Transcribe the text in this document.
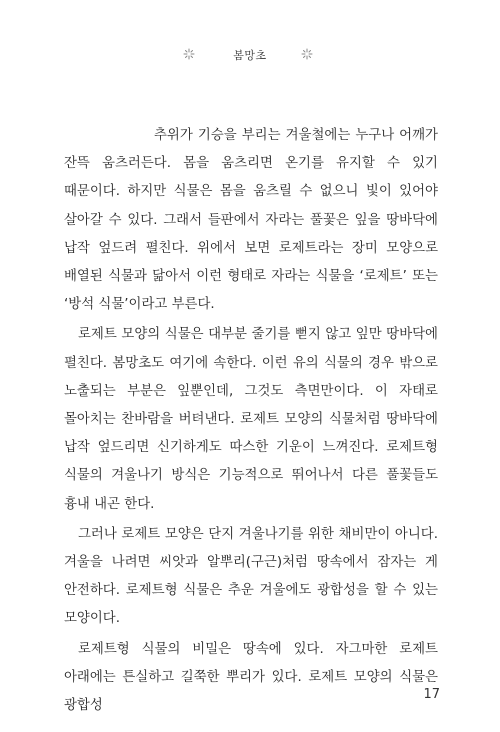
봄망초

추위가 기승을 부리는 겨울철에는 누구나 어깨가 잔뜩 움츠러든다. 몸을 움츠리면 온기를 유지할 수 있기 때문이다. 하지만 식물은 몸을 움츠릴 수 없으니 빛이 있어야 살아갈 수 있다. 그래서 들판에서 자라는 풀꽃은 잎을 땅바닥에 납작 엎드려 펼친다. 위에서 보면 로제트라는 장미 모양으로 배열된 식물과 닮아서 이런 형태로 자라는 식물을 ‘로제트’ 또는 ‘방석 식물’이라고 부른다.

로제트 모양의 식물은 대부분 줄기를 뻗지 않고 잎만 땅바닥에 펼친다. 봄망초도 여기에 속한다. 이런 유의 식물의 경우 밖으로 노출되는 부분은 잎뿐인데, 그것도 측면만이다. 이 자태로 몰아치는 찬바람을 버텨낸다. 로제트 모양의 식물처럼 땅바닥에 납작 엎드리면 신기하게도 따스한 기운이 느껴진다. 로제트형 식물의 겨울나기 방식은 기능적으로 뛰어나서 다른 풀꽃들도 흉내 내곤 한다.

그러나 로제트 모양은 단지 겨울나기를 위한 채비만이 아니다. 겨울을 나려면 씨앗과 알뿌리(구근)처럼 땅속에서 잠자는 게 안전하다. 로제트형 식물은 추운 겨울에도 광합성을 할 수 있는 모양이다.

로제트형 식물의 비밀은 땅속에 있다. 자그마한 로제트 아래에는 튼실하고 길쭉한 뿌리가 있다. 로제트 모양의 식물은 광합성

17
